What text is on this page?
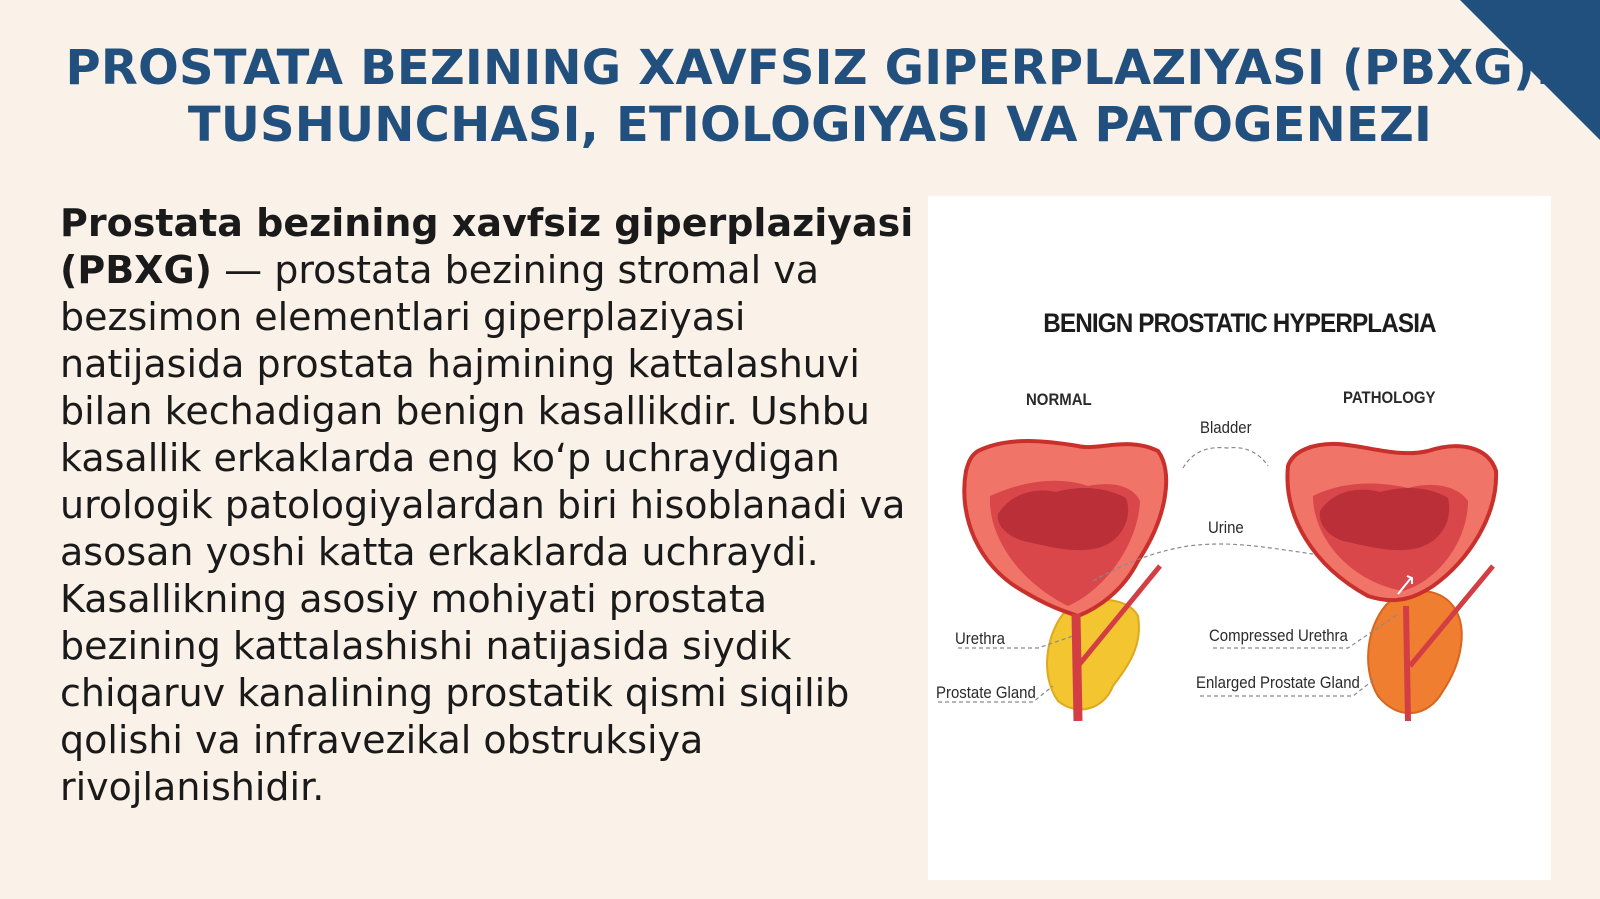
PROSTATA BEZINING XAVFSIZ GIPERPLAZIYASI (PBXG):
TUSHUNCHASI, ETIOLOGIYASI VA PATOGENEZI
Prostata bezining xavfsiz giperplaziyasi (PBXG) — prostata bezining stromal va bezsimon elementlari giperplaziyasi natijasida prostata hajmining kattalashuvi bilan kechadigan benign kasallikdir. Ushbu kasallik erkaklarda eng koʻp uchraydigan urologik patologiyalardan biri hisoblanadi va asosan yoshi katta erkaklarda uchraydi. Kasallikning asosiy mohiyati prostata bezining kattalashishi natijasida siydik chiqaruv kanalining prostatik qismi siqilib qolishi va infravezikal obstruksiya rivojlanishidir.
BENIGN PROSTATIC HYPERPLASIA
NORMAL	PATHOLOGY
Bladder
Urine
Urethra
Prostate Gland
Compressed Urethra
Enlarged Prostate Gland
